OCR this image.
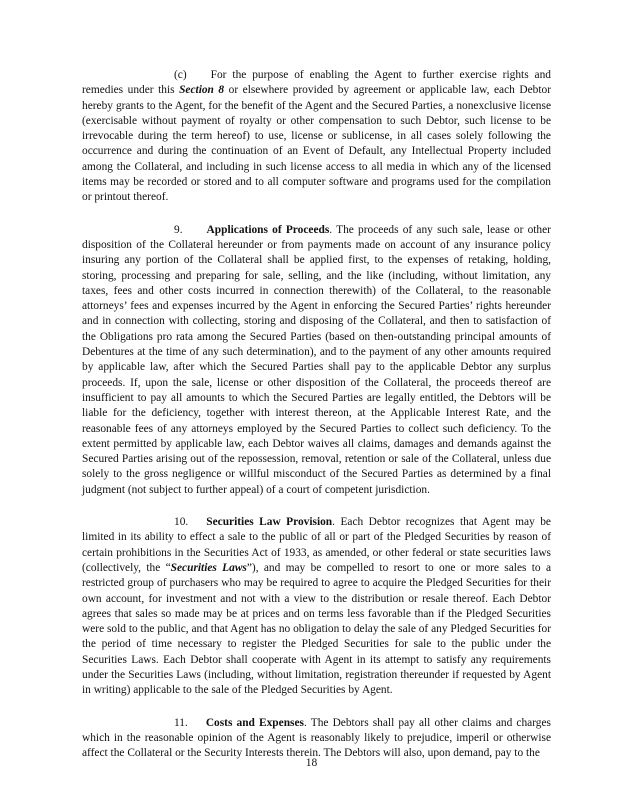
(c) For the purpose of enabling the Agent to further exercise rights and remedies under this Section 8 or elsewhere provided by agreement or applicable law, each Debtor hereby grants to the Agent, for the benefit of the Agent and the Secured Parties, a nonexclusive license (exercisable without payment of royalty or other compensation to such Debtor, such license to be irrevocable during the term hereof) to use, license or sublicense, in all cases solely following the occurrence and during the continuation of an Event of Default, any Intellectual Property included among the Collateral, and including in such license access to all media in which any of the licensed items may be recorded or stored and to all computer software and programs used for the compilation or printout thereof.

9. Applications of Proceeds. The proceeds of any such sale, lease or other disposition of the Collateral hereunder or from payments made on account of any insurance policy insuring any portion of the Collateral shall be applied first, to the expenses of retaking, holding, storing, processing and preparing for sale, selling, and the like (including, without limitation, any taxes, fees and other costs incurred in connection therewith) of the Collateral, to the reasonable attorneys’ fees and expenses incurred by the Agent in enforcing the Secured Parties’ rights hereunder and in connection with collecting, storing and disposing of the Collateral, and then to satisfaction of the Obligations pro rata among the Secured Parties (based on then-outstanding principal amounts of Debentures at the time of any such determination), and to the payment of any other amounts required by applicable law, after which the Secured Parties shall pay to the applicable Debtor any surplus proceeds. If, upon the sale, license or other disposition of the Collateral, the proceeds thereof are insufficient to pay all amounts to which the Secured Parties are legally entitled, the Debtors will be liable for the deficiency, together with interest thereon, at the Applicable Interest Rate, and the reasonable fees of any attorneys employed by the Secured Parties to collect such deficiency. To the extent permitted by applicable law, each Debtor waives all claims, damages and demands against the Secured Parties arising out of the repossession, removal, retention or sale of the Collateral, unless due solely to the gross negligence or willful misconduct of the Secured Parties as determined by a final judgment (not subject to further appeal) of a court of competent jurisdiction.

10. Securities Law Provision. Each Debtor recognizes that Agent may be limited in its ability to effect a sale to the public of all or part of the Pledged Securities by reason of certain prohibitions in the Securities Act of 1933, as amended, or other federal or state securities laws (collectively, the “Securities Laws”), and may be compelled to resort to one or more sales to a restricted group of purchasers who may be required to agree to acquire the Pledged Securities for their own account, for investment and not with a view to the distribution or resale thereof. Each Debtor agrees that sales so made may be at prices and on terms less favorable than if the Pledged Securities were sold to the public, and that Agent has no obligation to delay the sale of any Pledged Securities for the period of time necessary to register the Pledged Securities for sale to the public under the Securities Laws. Each Debtor shall cooperate with Agent in its attempt to satisfy any requirements under the Securities Laws (including, without limitation, registration thereunder if requested by Agent in writing) applicable to the sale of the Pledged Securities by Agent.

11. Costs and Expenses. The Debtors shall pay all other claims and charges which in the reasonable opinion of the Agent is reasonably likely to prejudice, imperil or otherwise affect the Collateral or the Security Interests therein. The Debtors will also, upon demand, pay to the

18
